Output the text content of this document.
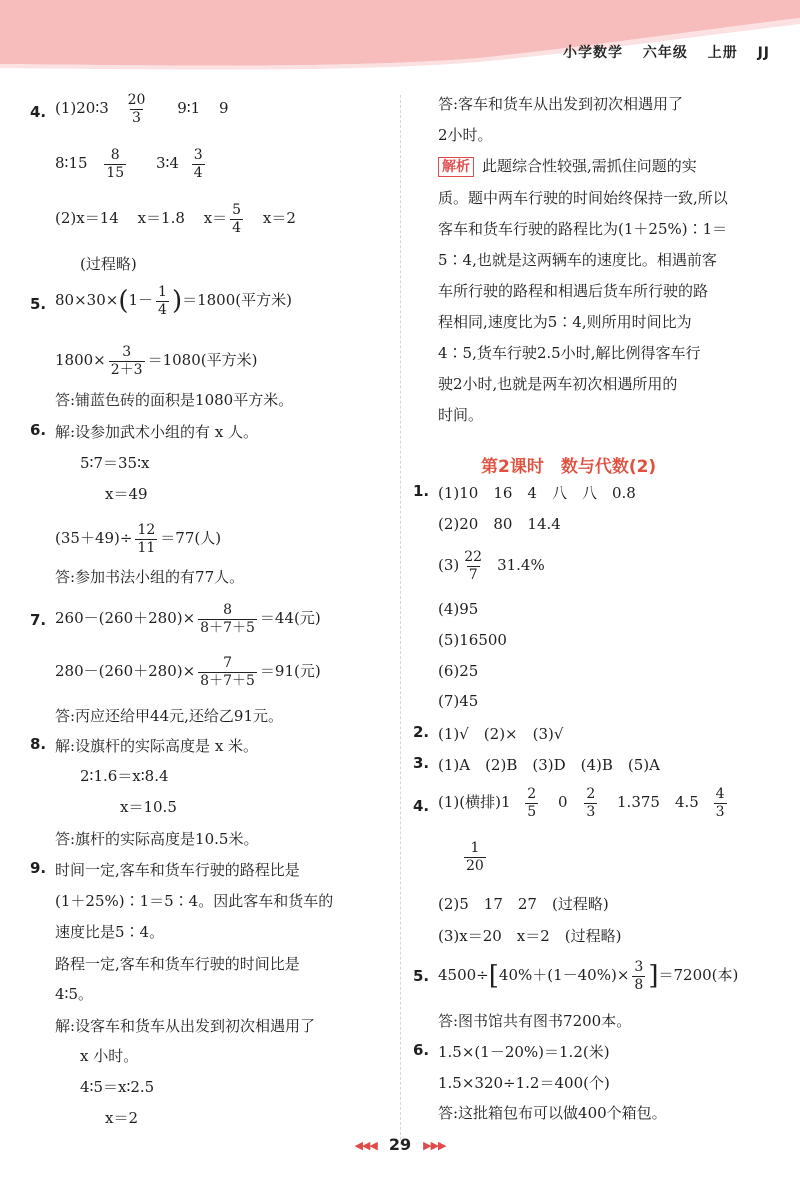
小学数学 六年级 上册 JJ
4. (1)20∶3 $\frac{20}{3}$ 9∶1 9
8∶15 $\frac{8}{15}$ 3∶4 $\frac{3}{4}$
(2)x＝14 x＝1.8 $x= \frac{5}{4} x=2$
(过程略)
5. $80\times 30\times(1- \frac{1}{4} )=1800$(平方米)
$1800\times \frac{3}{2+3} =1080$(平方米)
答:铺蓝色砖的面积是1080平方米。
6. 解:设参加武术小组的有 x 人。
5∶7＝35∶x
x＝49
$(35+49)\div \frac{12}{11} =77$(人)
答:参加书法小组的有77人。
7. $260-(260+280)\times \frac{8}{8+7+5} =44$(元)
$280-(260+280)\times \frac{7}{8+7+5} =91$(元)
答:丙应还给甲44元,还给乙91元。
8. 解:设旗杆的实际高度是 x 米。
2∶1.6＝x∶8.4
x＝10.5
答:旗杆的实际高度是10.5米。
9. 时间一定,客车和货车行驶的路程比是
(1＋25%)∶1＝5∶4。因此客车和货车的
速度比是5∶4。
路程一定,客车和货车行驶的时间比是
4∶5。
解:设客车和货车从出发到初次相遇用了
x 小时。
4∶5＝x∶2.5
x＝2
答:客车和货车从出发到初次相遇用了
2小时。
解析 此题综合性较强,需抓住问题的实
质。题中两车行驶的时间始终保持一致,所以
客车和货车行驶的路程比为(1＋25%)∶1＝
5∶4,也就是这两辆车的速度比。相遇前客
车所行驶的路程和相遇后货车所行驶的路
程相同,速度比为5∶4,则所用时间比为
4∶5,货车行驶2.5小时,解比例得客车行
驶2小时,也就是两车初次相遇所用的
时间。
第2课时　数与代数(2)
1. (1)10　16　4　八　八　0.8
(2)20　80　14.4
$(3) \frac{22}{7} 31.4\%$
(4)95
(5)16500
(6)25
(7)45
2. (1)√　(2)×　(3)√
3. (1)A　(2)B　(3)D　(4)B　(5)A
4. (1)(横排)$1 \frac{2}{5} 0 \frac{2}{3} 1.375$　$4.5 \frac{4}{3}$
$\frac{1}{20}$
(2)5　17　27　(过程略)
(3)x＝20　x＝2　(过程略)
5. $4500\div[40\%+(1-40\%)\times \frac{3}{8} ]=7200$(本)
答:图书馆共有图书7200本。
6. 1.5×(1－20%)＝1.2(米)
1.5×320÷1.2＝400(个)
答:这批箱包布可以做400个箱包。
◀◀◀ 29 ▶▶▶
